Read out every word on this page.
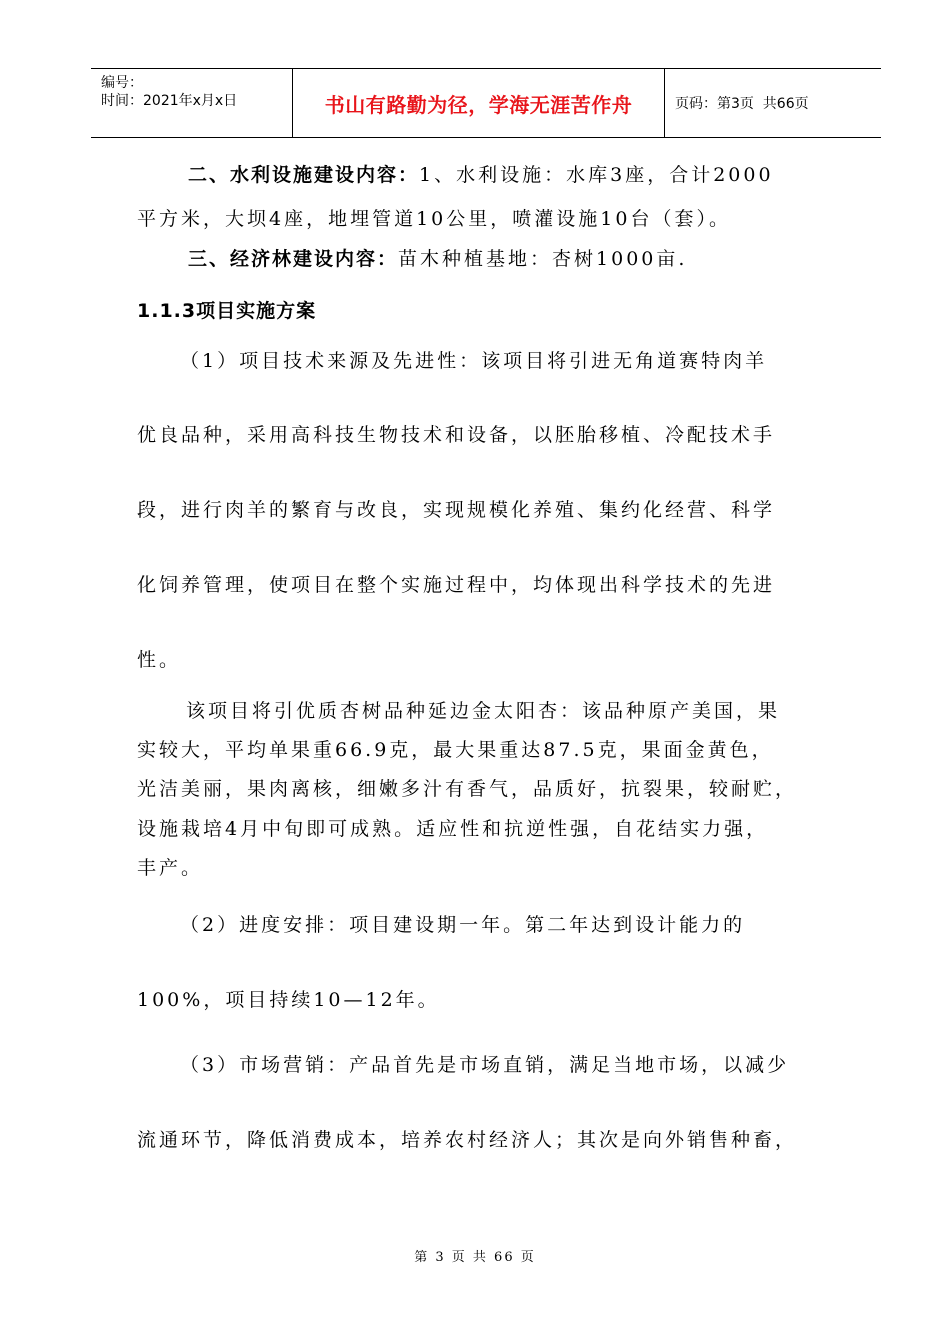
编号：
时间：2021年x月x日	书山有路勤为径，学海无涯苦作舟	页码：第3页  共66页
二、水利设施建设内容：1、水利设施：水库3座，合计2000
平方米，大坝4座，地埋管道10公里，喷灌设施10台（套）。
三、经济林建设内容：苗木种植基地：杏树1000亩.
1.1.3项目实施方案
（1）项目技术来源及先进性：该项目将引进无角道赛特肉羊
优良品种，采用高科技生物技术和设备，以胚胎移植、冷配技术手
段，进行肉羊的繁育与改良，实现规模化养殖、集约化经营、科学
化饲养管理，使项目在整个实施过程中，均体现出科学技术的先进
性。
该项目将引优质杏树品种延边金太阳杏：该品种原产美国，果
实较大，平均单果重66.9克，最大果重达87.5克，果面金黄色，
光洁美丽，果肉离核，细嫩多汁有香气，品质好，抗裂果，较耐贮，
设施栽培4月中旬即可成熟。适应性和抗逆性强，自花结实力强，
丰产。
（2）进度安排：项目建设期一年。第二年达到设计能力的
100%，项目持续10—12年。
（3）市场营销：产品首先是市场直销，满足当地市场，以减少
流通环节，降低消费成本，培养农村经济人；其次是向外销售种畜，
第 3 页 共 66 页
